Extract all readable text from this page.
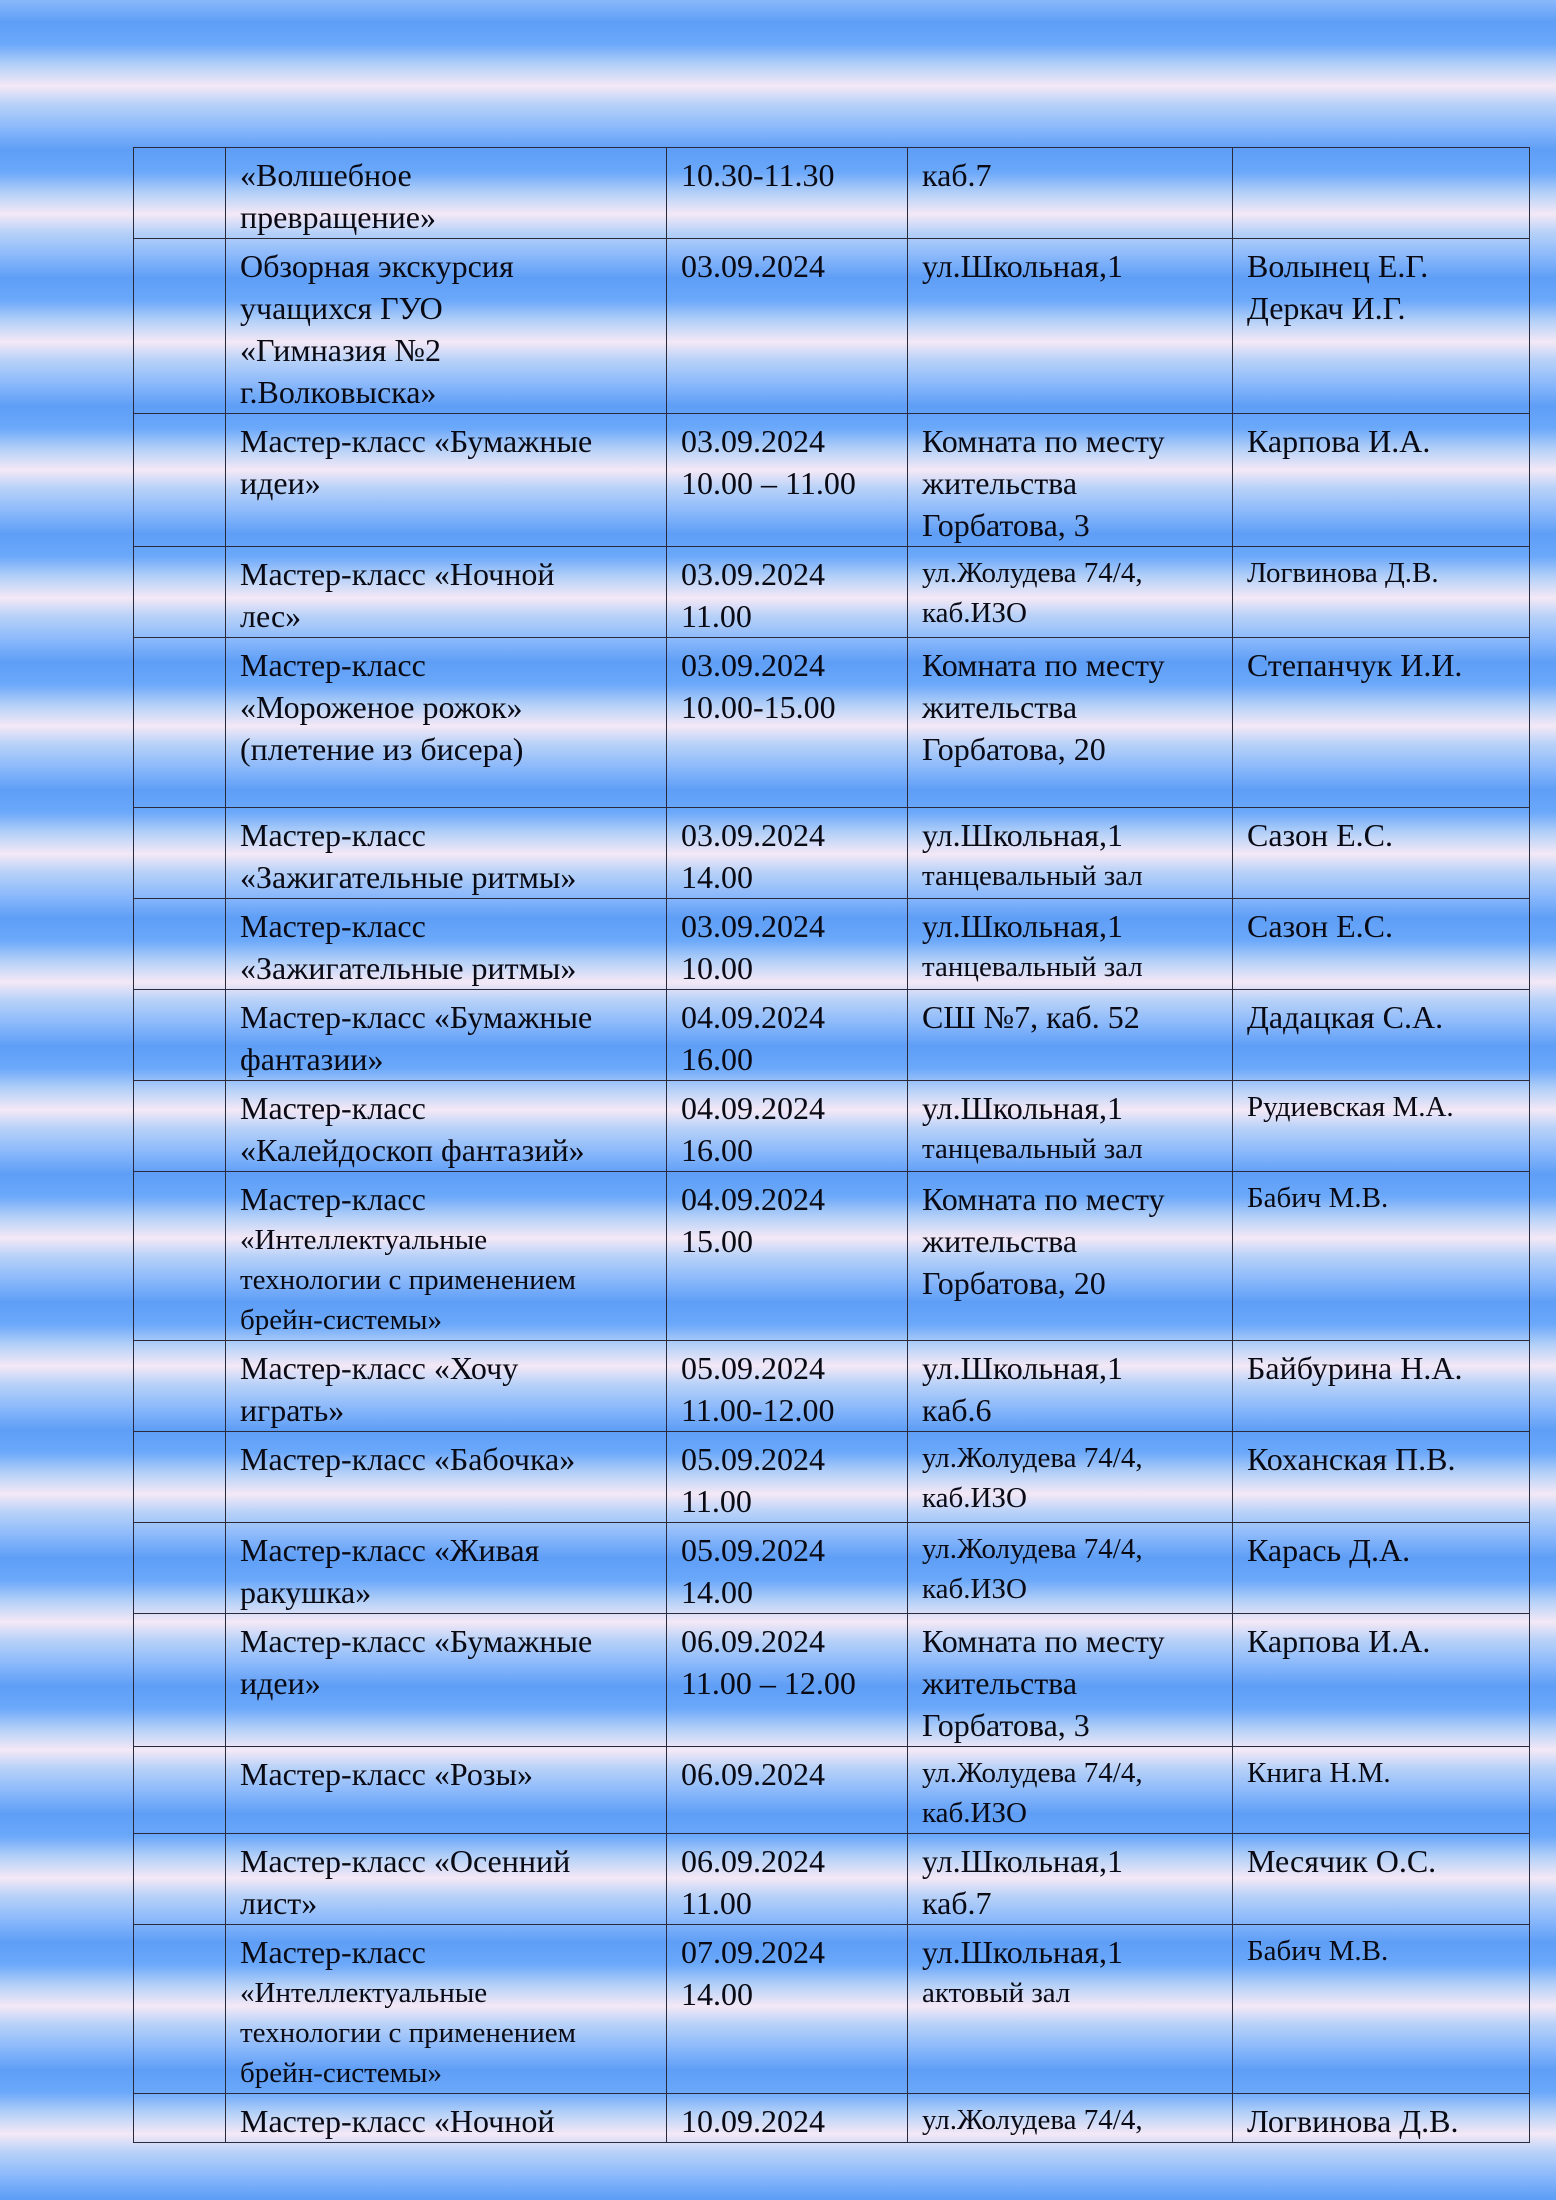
	«Волшебное
превращение»	10.30-11.30	каб.7	

	Обзорная экскурсия
учащихся ГУО
«Гимназия №2
г.Волковыска»	03.09.2024	ул.Школьная,1	Волынец Е.Г.
Деркач И.Г.

	Мастер-класс «Бумажные
идеи»	03.09.2024
10.00 – 11.00	Комната по месту
жительства
Горбатова, 3	Карпова И.А.

	Мастер-класс «Ночной
лес»	03.09.2024
11.00	ул.Жолудева 74/4,
каб.ИЗО	Логвинова Д.В.

	Мастер-класс
«Мороженое рожок»
(плетение из бисера)	03.09.2024
10.00-15.00	Комната по месту
жительства
Горбатова, 20	Степанчук И.И.

	Мастер-класс
«Зажигательные ритмы»	03.09.2024
14.00	ул.Школьная,1
танцевальный зал	Сазон Е.С.

	Мастер-класс
«Зажигательные ритмы»	03.09.2024
10.00	ул.Школьная,1
танцевальный зал	Сазон Е.С.

	Мастер-класс «Бумажные
фантазии»	04.09.2024
16.00	СШ №7, каб. 52	Дадацкая С.А.

	Мастер-класс
«Калейдоскоп фантазий»	04.09.2024
16.00	ул.Школьная,1
танцевальный зал	Рудиевская М.А.

	Мастер-класс
«Интеллектуальные
технологии с применением
брейн-системы»	04.09.2024
15.00	Комната по месту
жительства
Горбатова, 20	Бабич М.В.

	Мастер-класс «Хочу
играть»	05.09.2024
11.00-12.00	ул.Школьная,1
каб.6	Байбурина Н.А.

	Мастер-класс «Бабочка»	05.09.2024
11.00	ул.Жолудева 74/4,
каб.ИЗО	Коханская П.В.

	Мастер-класс «Живая
ракушка»	05.09.2024
14.00	ул.Жолудева 74/4,
каб.ИЗО	Карась Д.А.

	Мастер-класс «Бумажные
идеи»	06.09.2024
11.00 – 12.00	Комната по месту
жительства
Горбатова, 3	Карпова И.А.

	Мастер-класс «Розы»	06.09.2024	ул.Жолудева 74/4,
каб.ИЗО	Книга Н.М.

	Мастер-класс «Осенний
лист»	06.09.2024
11.00	ул.Школьная,1
каб.7	Месячик О.С.

	Мастер-класс
«Интеллектуальные
технологии с применением
брейн-системы»	07.09.2024
14.00	ул.Школьная,1
актовый зал	Бабич М.В.

	Мастер-класс «Ночной	10.09.2024	ул.Жолудева 74/4,	Логвинова Д.В.
